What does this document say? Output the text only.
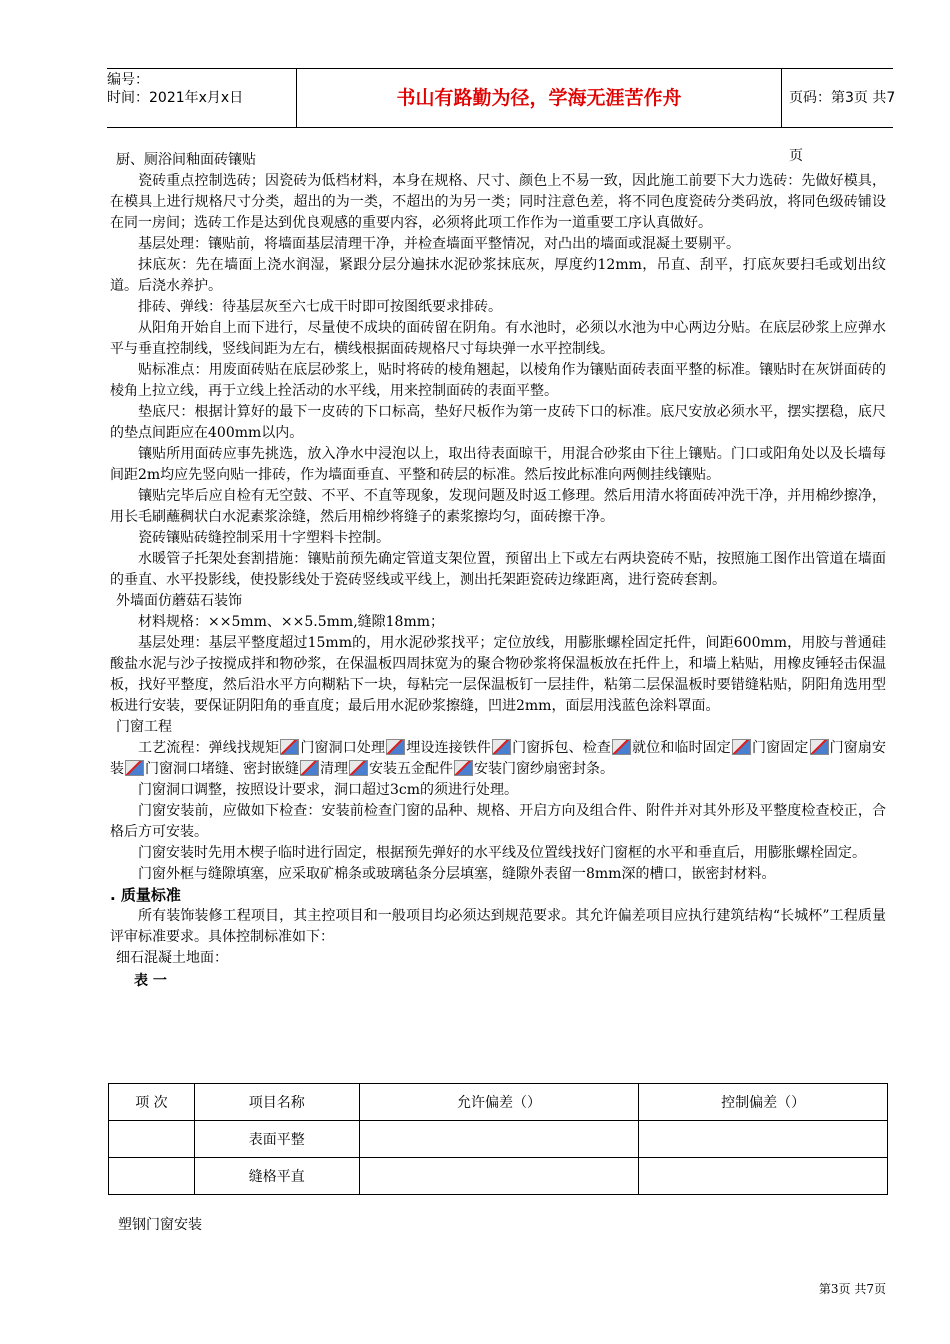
编号：
时间：2021年x月x日	书山有路勤为径，学海无涯苦作舟	页码：第3页 共7页

厨、厕浴间釉面砖镶贴

瓷砖重点控制选砖；因瓷砖为低档材料，本身在规格、尺寸、颜色上不易一致，因此施工前要下大力选砖：先做好模具，在模具上进行规格尺寸分类，超出的为一类，不超出的为另一类；同时注意色差，将不同色度瓷砖分类码放，将同色级砖铺设在同一房间；选砖工作是达到优良观感的重要内容，必须将此项工作作为一道重要工序认真做好。

基层处理：镶贴前，将墙面基层清理干净，并检查墙面平整情况，对凸出的墙面或混凝土要剔平。

抹底灰：先在墙面上浇水润湿，紧跟分层分遍抹水泥砂浆抹底灰，厚度约12mm，吊直、刮平，打底灰要扫毛或划出纹道。后浇水养护。

排砖、弹线：待基层灰至六七成干时即可按图纸要求排砖。

从阳角开始自上而下进行，尽量使不成块的面砖留在阴角。有水池时，必须以水池为中心两边分贴。在底层砂浆上应弹水平与垂直控制线，竖线间距为左右，横线根据面砖规格尺寸每块弹一水平控制线。

贴标准点：用废面砖贴在底层砂浆上，贴时将砖的棱角翘起，以棱角作为镶贴面砖表面平整的标准。镶贴时在灰饼面砖的棱角上拉立线，再于立线上拴活动的水平线，用来控制面砖的表面平整。

垫底尺：根据计算好的最下一皮砖的下口标高，垫好尺板作为第一皮砖下口的标准。底尺安放必须水平，摆实摆稳，底尺的垫点间距应在400mm以内。

镶贴所用面砖应事先挑选，放入净水中浸泡以上，取出待表面晾干，用混合砂浆由下往上镶贴。门口或阳角处以及长墙每间距2m均应先竖向贴一排砖，作为墙面垂直、平整和砖层的标准。然后按此标准向两侧挂线镶贴。

镶贴完毕后应自检有无空鼓、不平、不直等现象，发现问题及时返工修理。然后用清水将面砖冲洗干净，并用棉纱擦净，用长毛刷蘸稠状白水泥素浆涂缝，然后用棉纱将缝子的素浆擦均匀，面砖擦干净。

瓷砖镶贴砖缝控制采用十字塑料卡控制。

水暖管子托架处套割措施：镶贴前预先确定管道支架位置，预留出上下或左右两块瓷砖不贴，按照施工图作出管道在墙面的垂直、水平投影线，使投影线处于瓷砖竖线或平线上，测出托架距瓷砖边缘距离，进行瓷砖套割。

外墙面仿蘑菇石装饰

材料规格：××5mm、××5.5mm,缝隙18mm；

基层处理：基层平整度超过15mm的，用水泥砂浆找平；定位放线，用膨胀螺栓固定托件，间距600mm，用胶与普通硅酸盐水泥与沙子按搅成拌和物砂浆，在保温板四周抹宽为的聚合物砂浆将保温板放在托件上，和墙上粘贴，用橡皮锤轻击保温板，找好平整度，然后沿水平方向糊粘下一块，每粘完一层保温板钉一层挂件，粘第二层保温板时要错缝粘贴，阴阳角选用型板进行安装，要保证阴阳角的垂直度；最后用水泥砂浆擦缝，凹进2mm，面层用浅蓝色涂料罩面。

门窗工程

工艺流程：弹线找规矩 门窗洞口处理 埋设连接铁件 门窗拆包、检查 就位和临时固定 门窗固定 门窗扇安装 门窗洞口堵缝、密封嵌缝 清理 安装五金配件 安装门窗纱扇密封条。

门窗洞口调整，按照设计要求，洞口超过3cm的须进行处理。

门窗安装前，应做如下检查：安装前检查门窗的品种、规格、开启方向及组合件、附件并对其外形及平整度检查校正，合格后方可安装。

门窗安装时先用木楔子临时进行固定，根据预先弹好的水平线及位置线找好门窗框的水平和垂直后，用膨胀螺栓固定。

门窗外框与缝隙填塞，应采取矿棉条或玻璃毡条分层填塞，缝隙外表留一8mm深的槽口，嵌密封材料。

. 质量标准

所有装饰装修工程项目，其主控项目和一般项目均必须达到规范要求。其允许偏差项目应执行建筑结构“长城杯”工程质量评审标准要求。具体控制标准如下：

细石混凝土地面：

表 一
项 次	项目名称	允许偏差（）	控制偏差（）
	表面平整		
	缝格平直		
塑钢门窗安装
第3页 共7页
